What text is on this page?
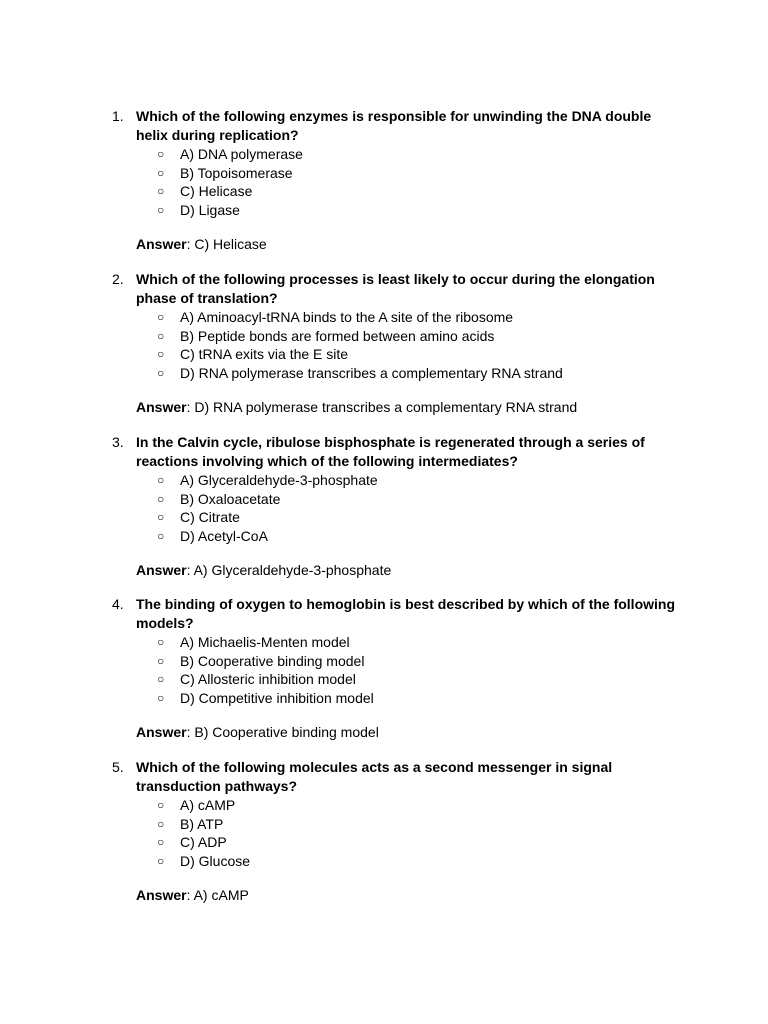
1. Which of the following enzymes is responsible for unwinding the DNA double helix during replication?
○ A) DNA polymerase
○ B) Topoisomerase
○ C) Helicase
○ D) Ligase
Answer: C) Helicase
2. Which of the following processes is least likely to occur during the elongation phase of translation?
○ A) Aminoacyl-tRNA binds to the A site of the ribosome
○ B) Peptide bonds are formed between amino acids
○ C) tRNA exits via the E site
○ D) RNA polymerase transcribes a complementary RNA strand
Answer: D) RNA polymerase transcribes a complementary RNA strand
3. In the Calvin cycle, ribulose bisphosphate is regenerated through a series of reactions involving which of the following intermediates?
○ A) Glyceraldehyde-3-phosphate
○ B) Oxaloacetate
○ C) Citrate
○ D) Acetyl-CoA
Answer: A) Glyceraldehyde-3-phosphate
4. The binding of oxygen to hemoglobin is best described by which of the following models?
○ A) Michaelis-Menten model
○ B) Cooperative binding model
○ C) Allosteric inhibition model
○ D) Competitive inhibition model
Answer: B) Cooperative binding model
5. Which of the following molecules acts as a second messenger in signal transduction pathways?
○ A) cAMP
○ B) ATP
○ C) ADP
○ D) Glucose
Answer: A) cAMP
